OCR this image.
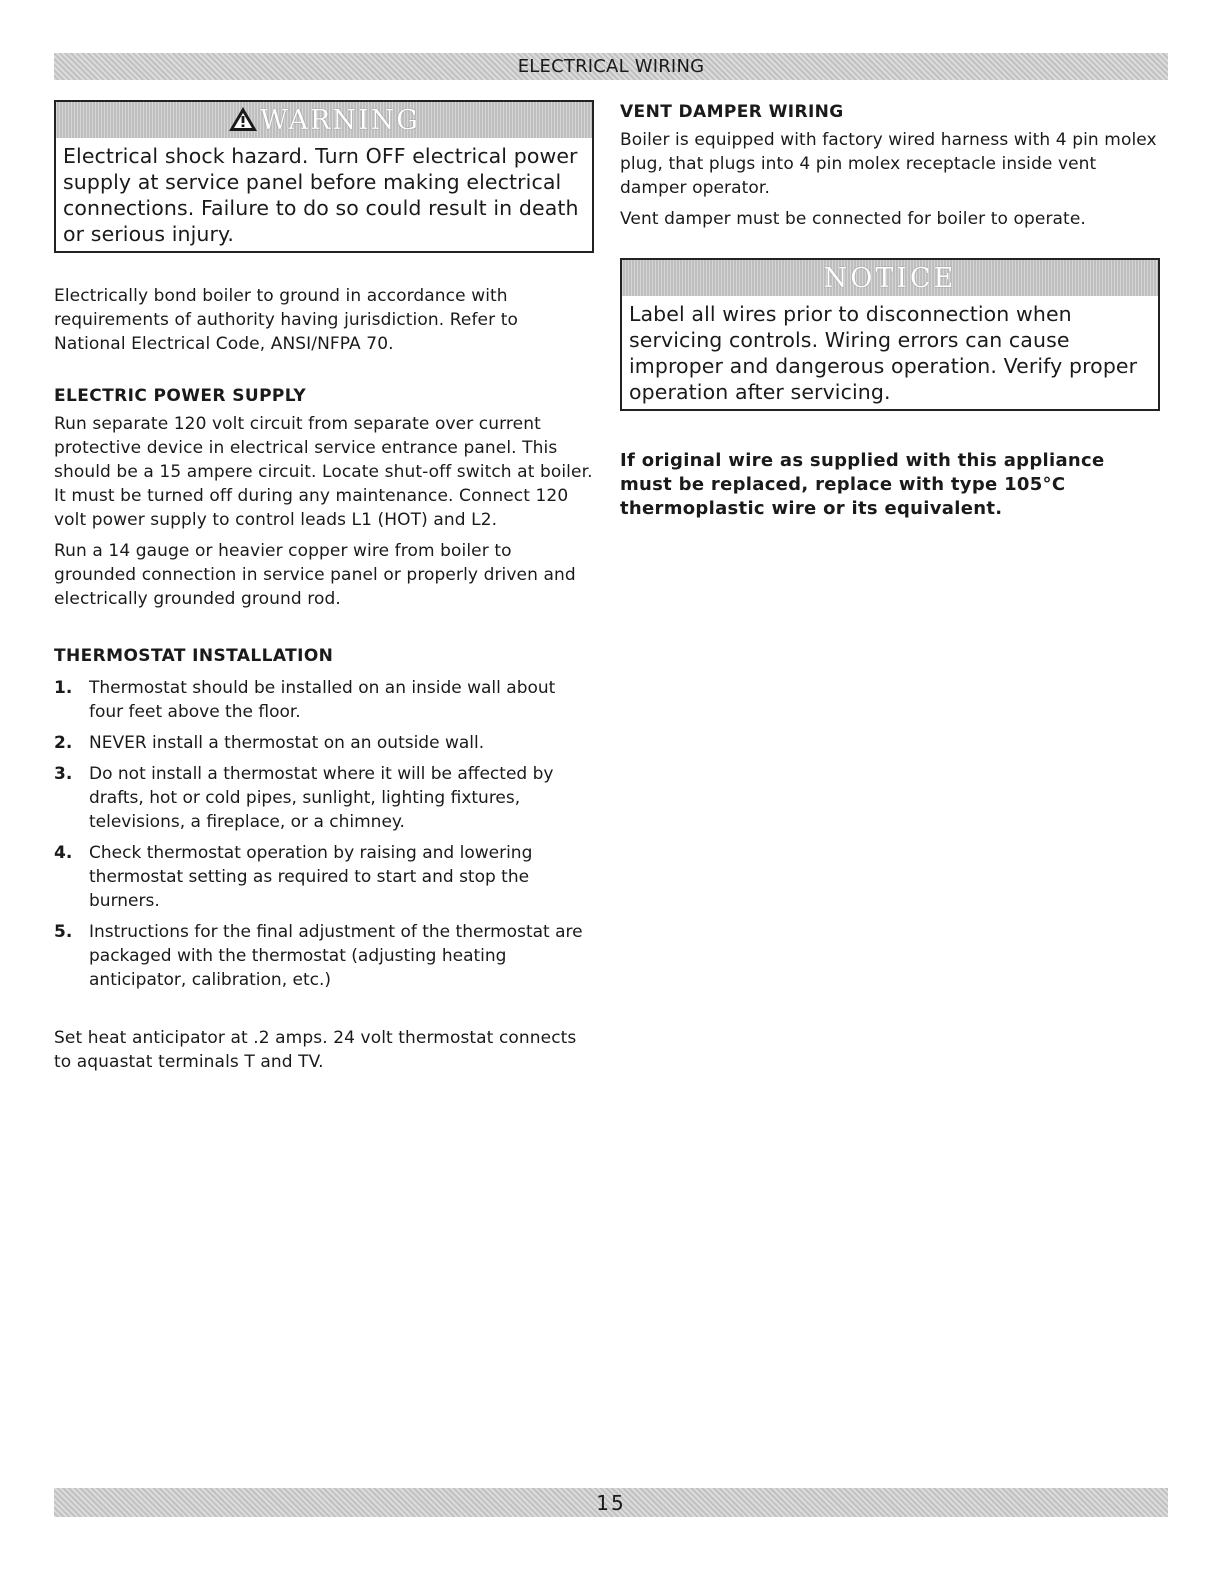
ELECTRICAL WIRING
WARNING
Electrical shock hazard. Turn OFF electrical power supply at service panel before making electrical connections. Failure to do so could result in death or serious injury.

Electrically bond boiler to ground in accordance with requirements of authority having jurisdiction. Refer to National Electrical Code, ANSI/NFPA 70.

ELECTRIC POWER SUPPLY

Run separate 120 volt circuit from separate over current protective device in electrical service entrance panel. This should be a 15 ampere circuit. Locate shut-off switch at boiler. It must be turned off during any maintenance. Connect 120 volt power supply to control leads L1 (HOT) and L2.

Run a 14 gauge or heavier copper wire from boiler to grounded connection in service panel or properly driven and electrically grounded ground rod.

THERMOSTAT INSTALLATION
1. Thermostat should be installed on an inside wall about four feet above the floor.
2. NEVER install a thermostat on an outside wall.
3. Do not install a thermostat where it will be affected by drafts, hot or cold pipes, sunlight, lighting fixtures, televisions, a fireplace, or a chimney.
4. Check thermostat operation by raising and lowering thermostat setting as required to start and stop the burners.
5. Instructions for the final adjustment of the thermostat are packaged with the thermostat (adjusting heating anticipator, calibration, etc.)

Set heat anticipator at .2 amps. 24 volt thermostat connects to aquastat terminals T and TV.

VENT DAMPER WIRING

Boiler is equipped with factory wired harness with 4 pin molex plug, that plugs into 4 pin molex receptacle inside vent damper operator.

Vent damper must be connected for boiler to operate.

NOTICE
Label all wires prior to disconnection when servicing controls. Wiring errors can cause improper and dangerous operation. Verify proper operation after servicing.

If original wire as supplied with this appliance must be replaced, replace with type 105°C thermoplastic wire or its equivalent.

15
